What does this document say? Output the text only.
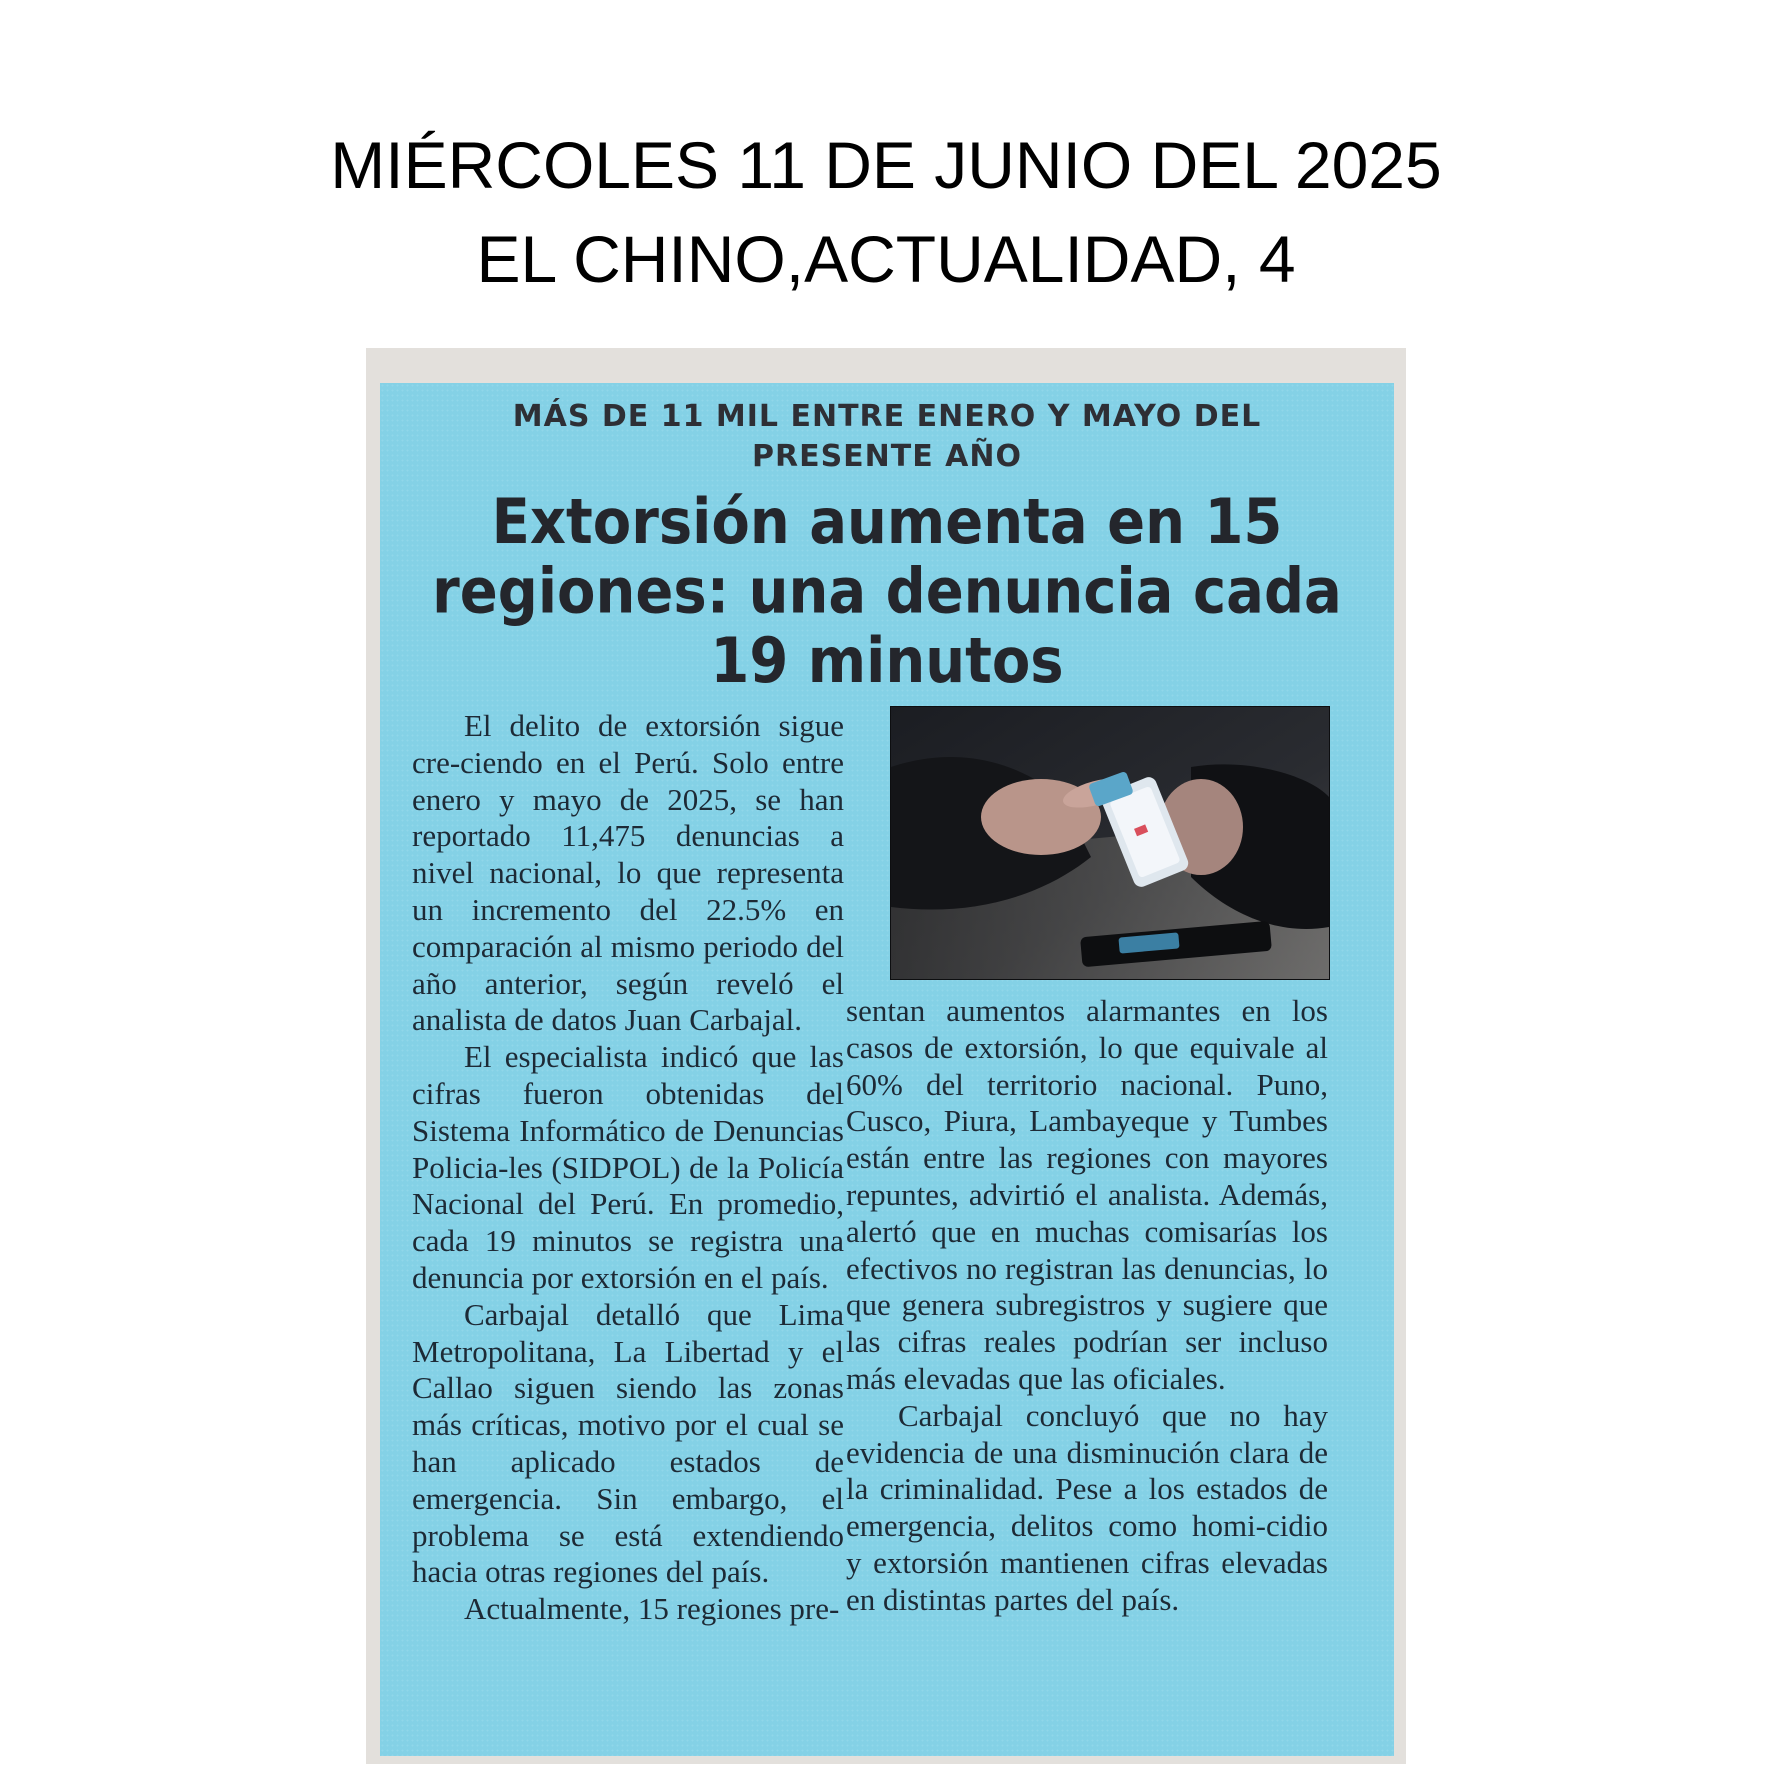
MIÉRCOLES 11 DE JUNIO DEL 2025
EL CHINO,ACTUALIDAD, 4
MÁS DE 11 MIL ENTRE ENERO Y MAYO DEL
PRESENTE AÑO
Extorsión aumenta en 15
regiones: una denuncia cada
19 minutos

El delito de extorsión sigue cre-ciendo en el Perú. Solo entre enero y mayo de 2025, se han reportado 11,475 denuncias a nivel nacional, lo que representa un incremento del 22.5% en comparación al mismo periodo del año anterior, según reveló el analista de datos Juan Carbajal.

El especialista indicó que las cifras fueron obtenidas del Sistema Informático de Denuncias Policia-les (SIDPOL) de la Policía Nacional del Perú. En promedio, cada 19 minutos se registra una denuncia por extorsión en el país.

Carbajal detalló que Lima Metropolitana, La Libertad y el Callao siguen siendo las zonas más críticas, motivo por el cual se han aplicado estados de emergencia. Sin embargo, el problema se está extendiendo hacia otras regiones del país.

Actualmente, 15 regiones pre-

sentan aumentos alarmantes en los casos de extorsión, lo que equivale al 60% del territorio nacional. Puno, Cusco, Piura, Lambayeque y Tumbes están entre las regiones con mayores repuntes, advirtió el analista. Además, alertó que en muchas comisarías los efectivos no registran las denuncias, lo que genera subregistros y sugiere que las cifras reales podrían ser incluso más elevadas que las oficiales.

Carbajal concluyó que no hay evidencia de una disminución clara de la criminalidad. Pese a los estados de emergencia, delitos como homi-cidio y extorsión mantienen cifras elevadas en distintas partes del país.
